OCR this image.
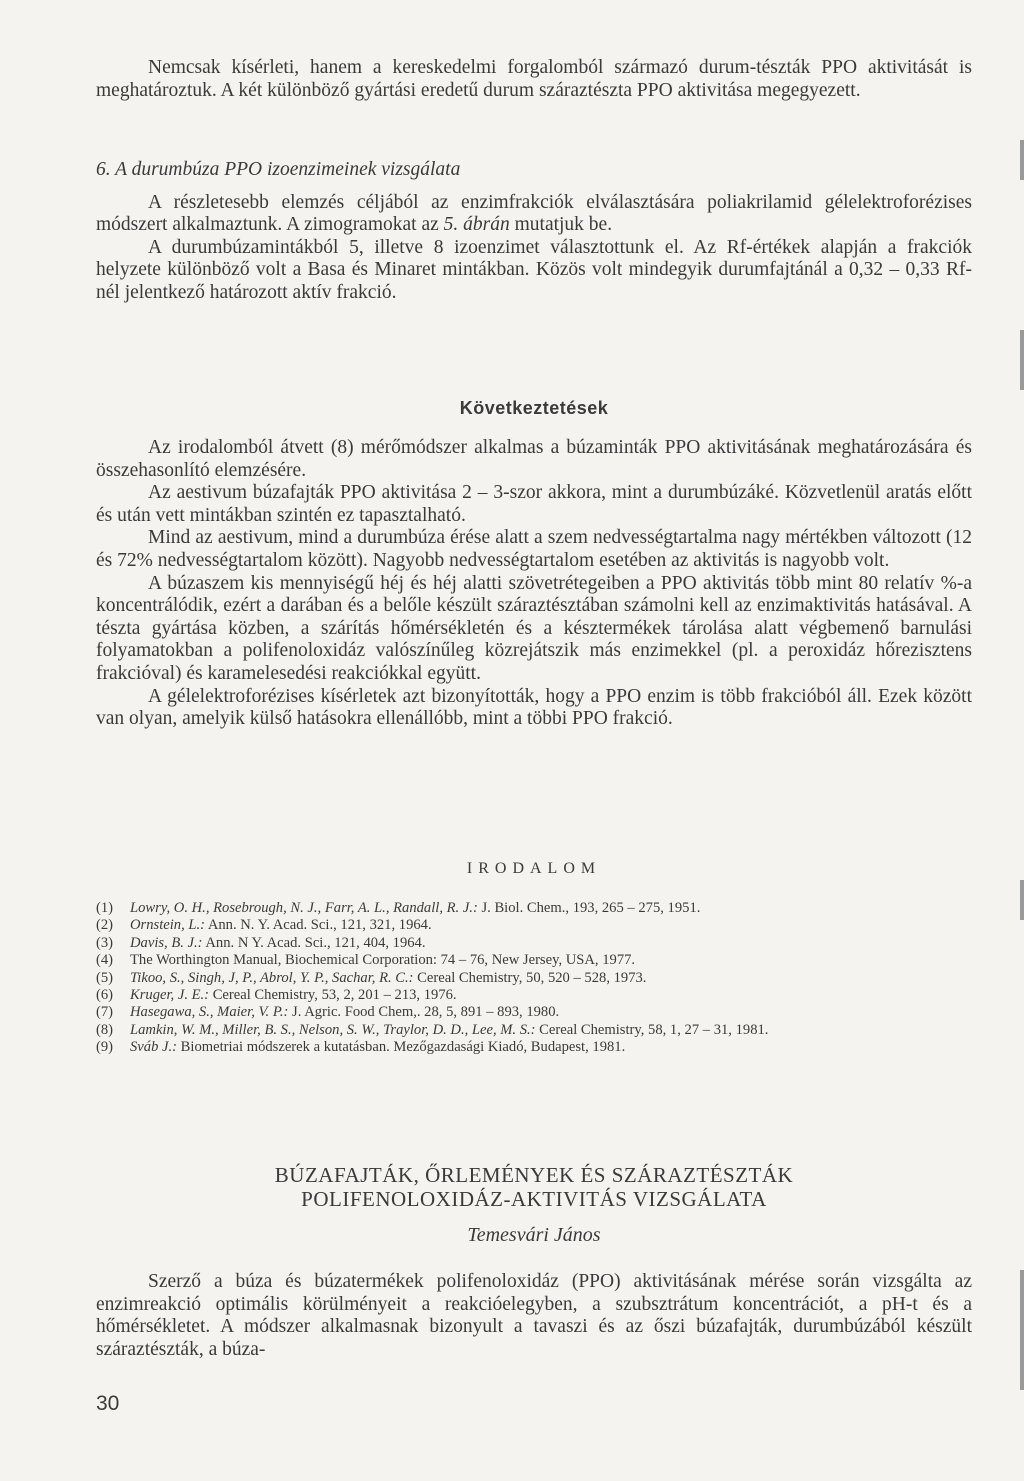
Nemcsak kísérleti, hanem a kereskedelmi forgalomból származó durum-tészták PPO aktivitását is meghatároztuk. A két különböző gyártási eredetű durum száraztészta PPO aktivitása megegyezett.

6. A durumbúza PPO izoenzimeinek vizsgálata

A részletesebb elemzés céljából az enzimfrakciók elválasztására poliakrilamid gélelektroforézises módszert alkalmaztunk. A zimogramokat az 5. ábrán mutatjuk be.

A durumbúzamintákból 5, illetve 8 izoenzimet választottunk el. Az Rf-értékek alapján a frakciók helyzete különböző volt a Basa és Minaret mintákban. Közös volt mindegyik durumfajtánál a 0,32 – 0,33 Rf-nél jelentkező határozott aktív frakció.

Következtetések

Az irodalomból átvett (8) mérőmódszer alkalmas a búzaminták PPO aktivitásának meghatározására és összehasonlító elemzésére.

Az aestivum búzafajták PPO aktivitása 2 – 3-szor akkora, mint a durumbúzáké. Közvetlenül aratás előtt és után vett mintákban szintén ez tapasztalható.

Mind az aestivum, mind a durumbúza érése alatt a szem nedvességtartalma nagy mértékben változott (12 és 72% nedvességtartalom között). Nagyobb nedvességtartalom esetében az aktivitás is nagyobb volt.

A búzaszem kis mennyiségű héj és héj alatti szövetrétegeiben a PPO aktivitás több mint 80 relatív %-a koncentrálódik, ezért a darában és a belőle készült száraztésztában számolni kell az enzimaktivitás hatásával. A tészta gyártása közben, a szárítás hőmérsékletén és a késztermékek tárolása alatt végbemenő barnulási folyamatokban a polifenoloxidáz valószínűleg közrejátszik más enzimekkel (pl. a peroxidáz hőrezisztens frakcióval) és karamelesedési reakciókkal együtt.

A gélelektroforézises kísérletek azt bizonyították, hogy a PPO enzim is több frakcióból áll. Ezek között van olyan, amelyik külső hatásokra ellenállóbb, mint a többi PPO frakció.

IRODALOM
(1)	Lowry, O. H., Rosebrough, N. J., Farr, A. L., Randall, R. J.: J. Biol. Chem., 193, 265 – 275, 1951.
(2)	Ornstein, L.: Ann. N. Y. Acad. Sci., 121, 321, 1964.
(3)	Davis, B. J.: Ann. N Y. Acad. Sci., 121, 404, 1964.
(4)	The Worthington Manual, Biochemical Corporation: 74 – 76, New Jersey, USA, 1977.
(5)	Tikoo, S., Singh, J, P., Abrol, Y. P., Sachar, R. C.: Cereal Chemistry, 50, 520 – 528, 1973.
(6)	Kruger, J. E.: Cereal Chemistry, 53, 2, 201 – 213, 1976.
(7)	Hasegawa, S., Maier, V. P.: J. Agric. Food Chem,. 28, 5, 891 – 893, 1980.
(8)	Lamkin, W. M., Miller, B. S., Nelson, S. W., Traylor, D. D., Lee, M. S.: Cereal Chemistry, 58, 1, 27 – 31, 1981.
(9)	Sváb J.: Biometriai módszerek a kutatásban. Mezőgazdasági Kiadó, Budapest, 1981.
BÚZAFAJTÁK, ŐRLEMÉNYEK ÉS SZÁRAZTÉSZTÁK
POLIFENOLOXIDÁZ-AKTIVITÁS VIZSGÁLATA
Temesvári János

Szerző a búza és búzatermékek polifenoloxidáz (PPO) aktivitásának mérése során vizsgálta az enzimreakció optimális körülményeit a reakcióelegyben, a szubsztrátum koncentrációt, a pH-t és a hőmérsékletet. A módszer alkalmasnak bizonyult a tavaszi és az őszi búzafajták, durumbúzából készült száraztészták, a búza-

30
